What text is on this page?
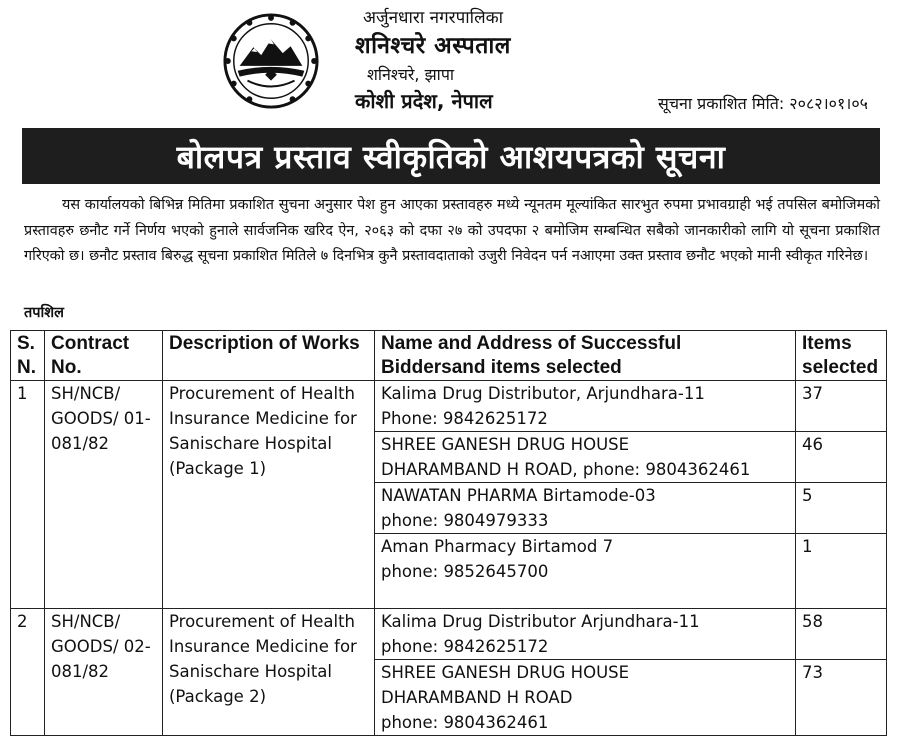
अर्जुनधारा नगरपालिका
शनिश्चरे अस्पताल
शनिश्चरे, झापा
कोशी प्रदेश, नेपाल	सूचना प्रकाशित मिति: २०८२।०१।०५
बोलपत्र प्रस्ताव स्वीकृतिको आशयपत्रको सूचना

यस कार्यालयको बिभिन्न मितिमा प्रकाशित सुचना अनुसार पेश हुन आएका प्रस्तावहरु मध्ये न्यूनतम मूल्यांकित सारभुत रुपमा प्रभावग्राही भई तपसिल बमोजिमको प्रस्तावहरु छनौट गर्ने निर्णय भएको हुनाले सार्वजनिक खरिद ऐन, २०६३ को दफा २७ को उपदफा २ बमोजिम सम्बन्धित सबैको जानकारीको लागि यो सूचना प्रकाशित गरिएको छ। छनौट प्रस्ताव बिरुद्ध सूचना प्रकाशित मितिले ७ दिनभित्र कुनै प्रस्तावदाताको उजुरी निवेदन पर्न नआएमा उक्त प्रस्ताव छनौट भएको मानी स्वीकृत गरिनेछ।

तपशिल
S. N.	Contract No.	Description of Works	Name and Address of Successful Biddersand items selected	Items selected
1	SH/NCB/ GOODS/ 01-081/82	Procurement of Health Insurance Medicine for Sanischare Hospital (Package 1)	Kalima Drug Distributor, Arjundhara-11
Phone: 9842625172	37

			SHREE GANESH DRUG HOUSE
DHARAMBAND H ROAD, phone: 9804362461	46

			NAWATAN PHARMA Birtamode-03
phone: 9804979333	5

			Aman Pharmacy Birtamod 7
phone: 9852645700	1
2	SH/NCB/ GOODS/ 02-081/82	Procurement of Health Insurance Medicine for Sanischare Hospital (Package 2)	Kalima Drug Distributor Arjundhara-11
phone: 9842625172	58

			SHREE GANESH DRUG HOUSE
DHARAMBAND H ROAD
phone: 9804362461	73
